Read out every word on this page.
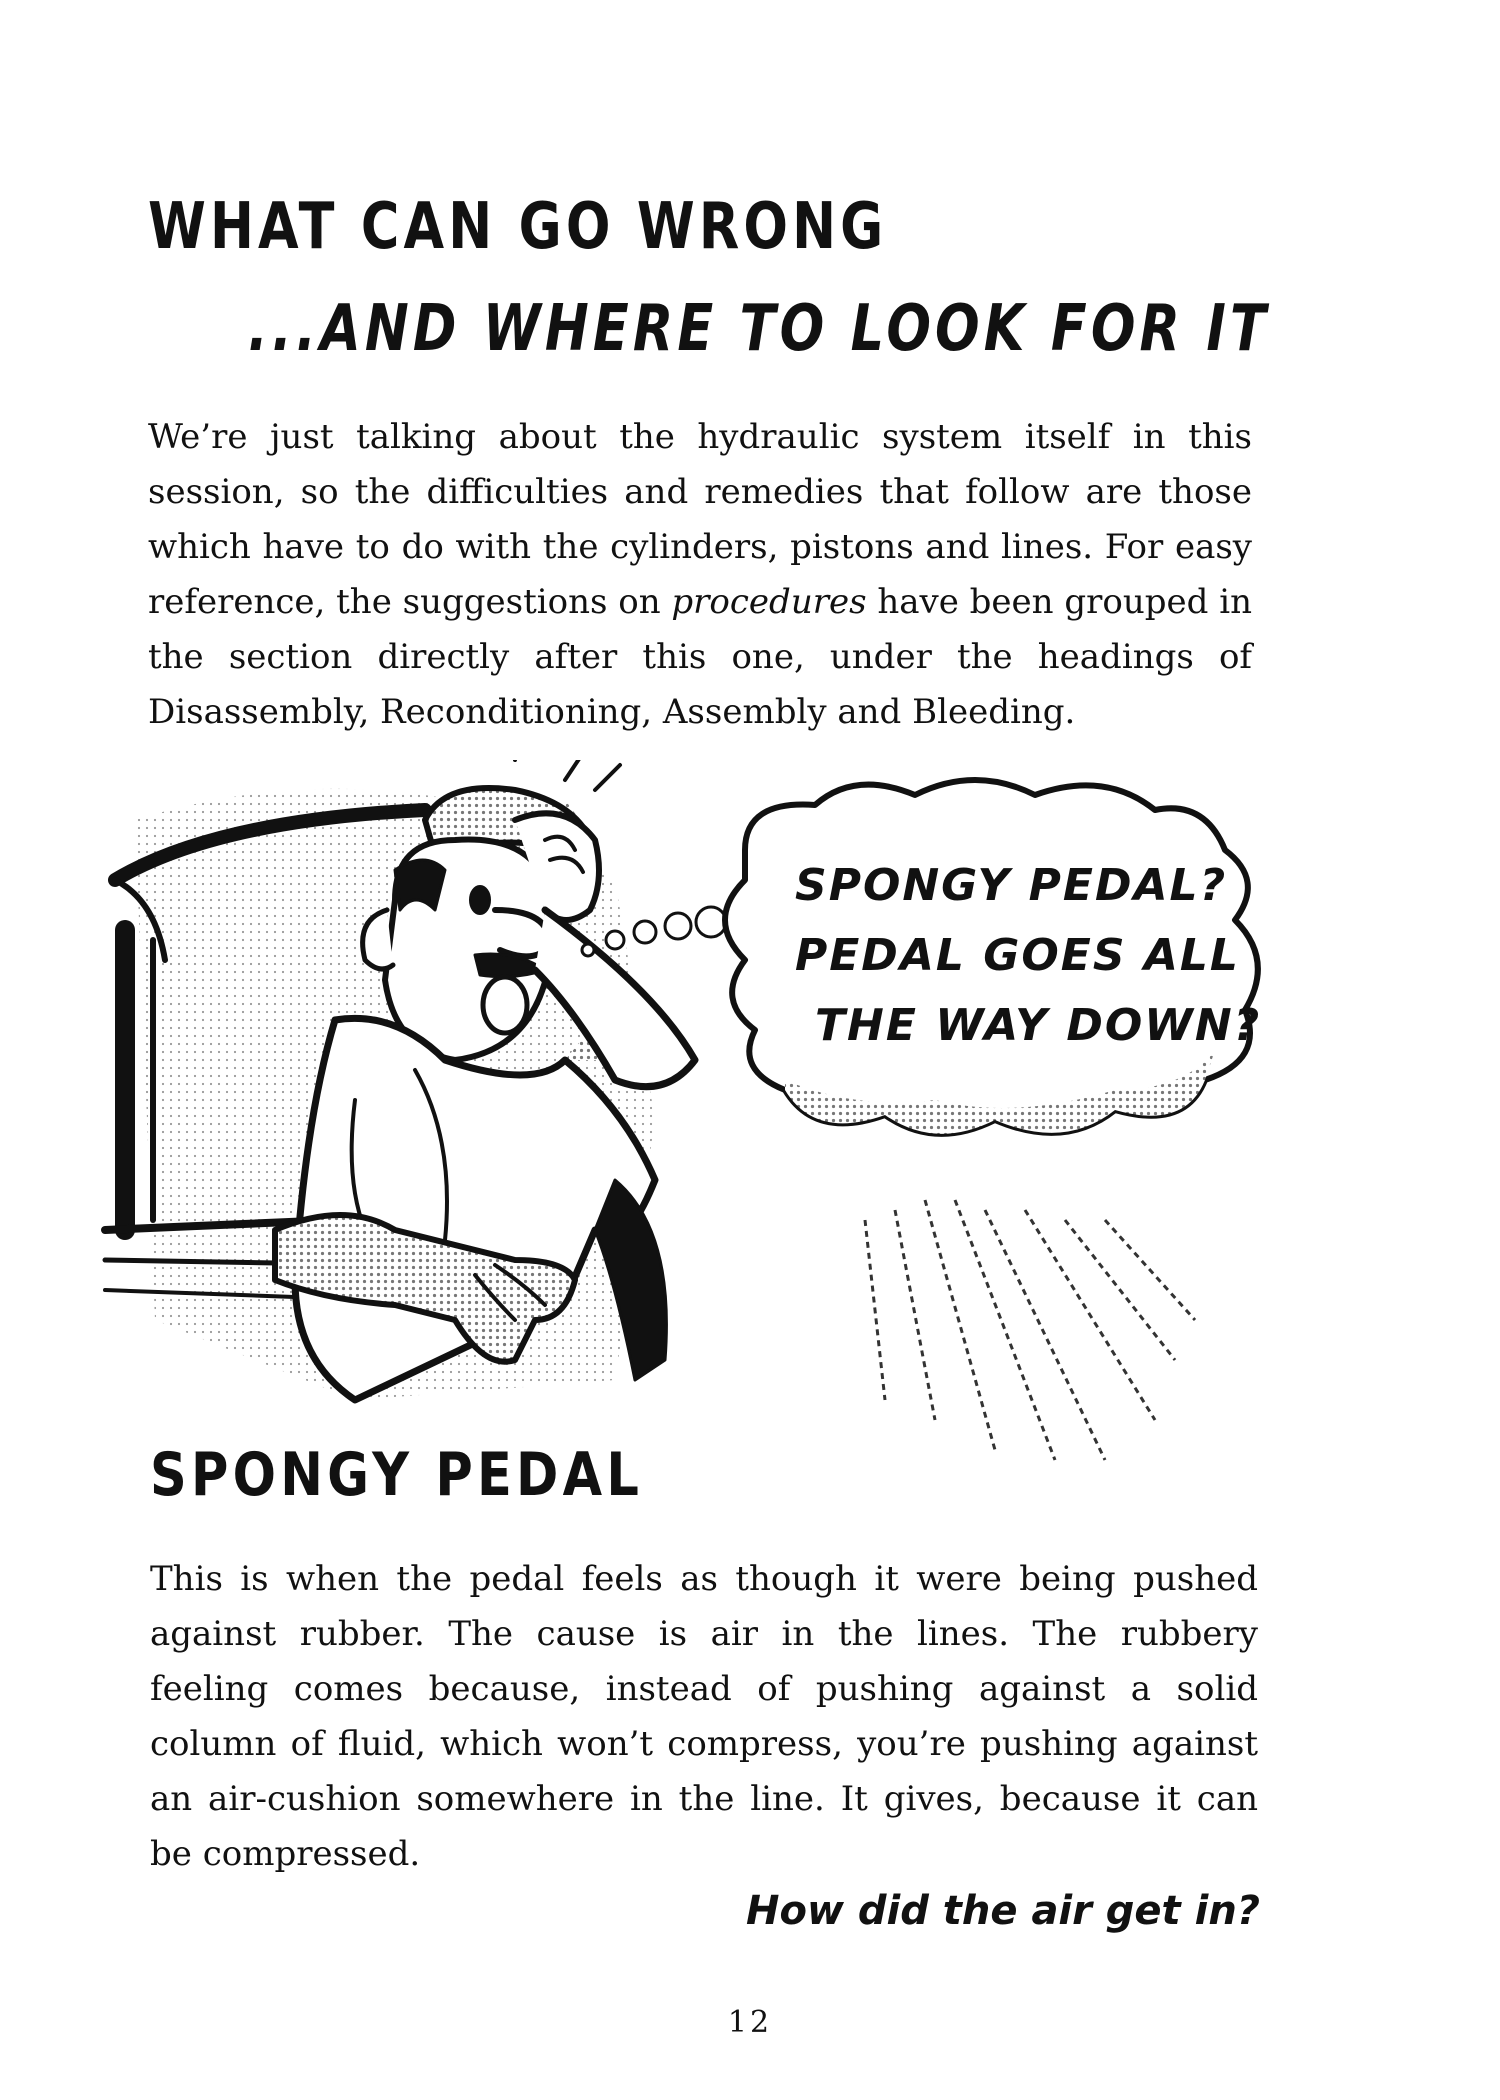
WHAT CAN GO WRONG
...AND WHERE TO LOOK FOR IT

We’re just talking about the hydraulic system itself in this session, so the difficulties and remedies that follow are those which have to do with the cylinders, pistons and lines. For easy reference, the suggestions on procedures have been grouped in the section directly after this one, under the headings of Disassembly, Reconditioning, Assembly and Bleeding.

SPONGY PEDAL?
PEDAL GOES ALL
THE WAY DOWN?
SPONGY PEDAL

This is when the pedal feels as though it were being pushed against rubber. The cause is air in the lines. The rubbery feeling comes because, instead of pushing against a solid column of fluid, which won’t compress, you’re pushing against an air-cushion somewhere in the line. It gives, because it can be compressed.

How did the air get in?

12
